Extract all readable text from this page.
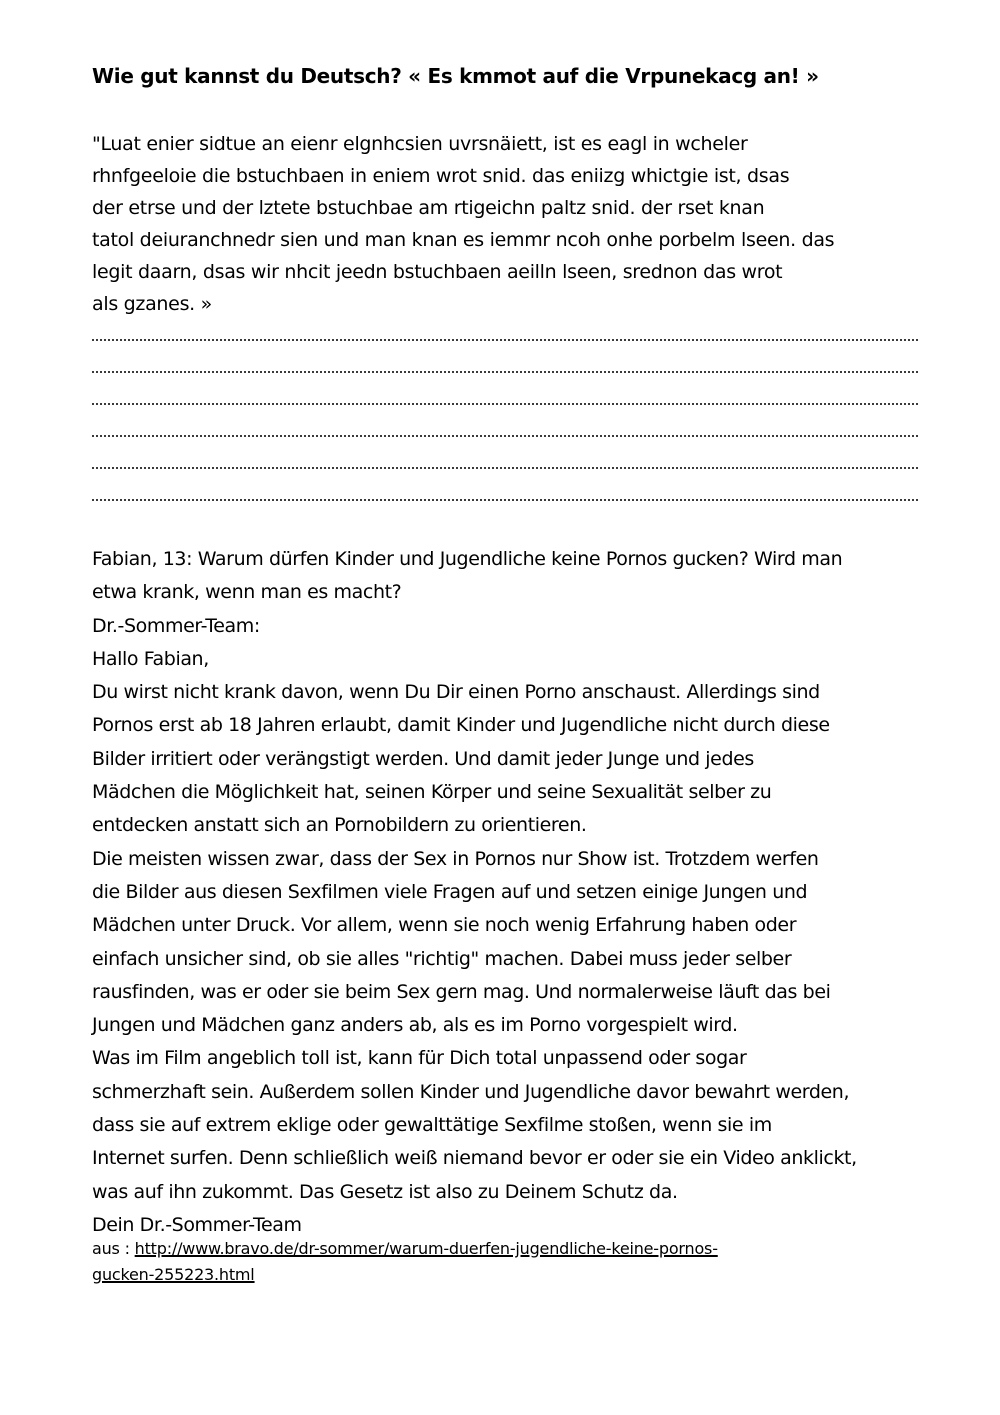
Wie gut kannst du Deutsch? « Es kmmot auf die Vrpunekacg an! »
"Luat enier sidtue an eienr elgnhcsien uvrsnäiett, ist es eagl in wcheler
rhnfgeeloie die bstuchbaen in eniem wrot snid. das eniizg whictgie ist, dsas
der etrse und der lztete bstuchbae am rtigeichn paltz snid. der rset knan
tatol deiuranchnedr sien und man knan es iemmr ncoh onhe porbelm lseen. das
legit daarn, dsas wir nhcit jeedn bstuchbaen aeilln lseen, srednon das wrot
als gzanes. »
Fabian, 13: Warum dürfen Kinder und Jugendliche keine Pornos gucken? Wird man
etwa krank, wenn man es macht?
Dr.-Sommer-Team:
Hallo Fabian,
Du wirst nicht krank davon, wenn Du Dir einen Porno anschaust. Allerdings sind
Pornos erst ab 18 Jahren erlaubt, damit Kinder und Jugendliche nicht durch diese
Bilder irritiert oder verängstigt werden. Und damit jeder Junge und jedes
Mädchen die Möglichkeit hat, seinen Körper und seine Sexualität selber zu
entdecken anstatt sich an Pornobildern zu orientieren.
Die meisten wissen zwar, dass der Sex in Pornos nur Show ist. Trotzdem werfen
die Bilder aus diesen Sexfilmen viele Fragen auf und setzen einige Jungen und
Mädchen unter Druck. Vor allem, wenn sie noch wenig Erfahrung haben oder
einfach unsicher sind, ob sie alles "richtig" machen. Dabei muss jeder selber
rausfinden, was er oder sie beim Sex gern mag. Und normalerweise läuft das bei
Jungen und Mädchen ganz anders ab, als es im Porno vorgespielt wird.
Was im Film angeblich toll ist, kann für Dich total unpassend oder sogar
schmerzhaft sein. Außerdem sollen Kinder und Jugendliche davor bewahrt werden,
dass sie auf extrem eklige oder gewalttätige Sexfilme stoßen, wenn sie im
Internet surfen. Denn schließlich weiß niemand bevor er oder sie ein Video anklickt,
was auf ihn zukommt. Das Gesetz ist also zu Deinem Schutz da.
Dein Dr.-Sommer-Team
aus : http://www.bravo.de/dr-sommer/warum-duerfen-jugendliche-keine-pornos-
gucken-255223.html
